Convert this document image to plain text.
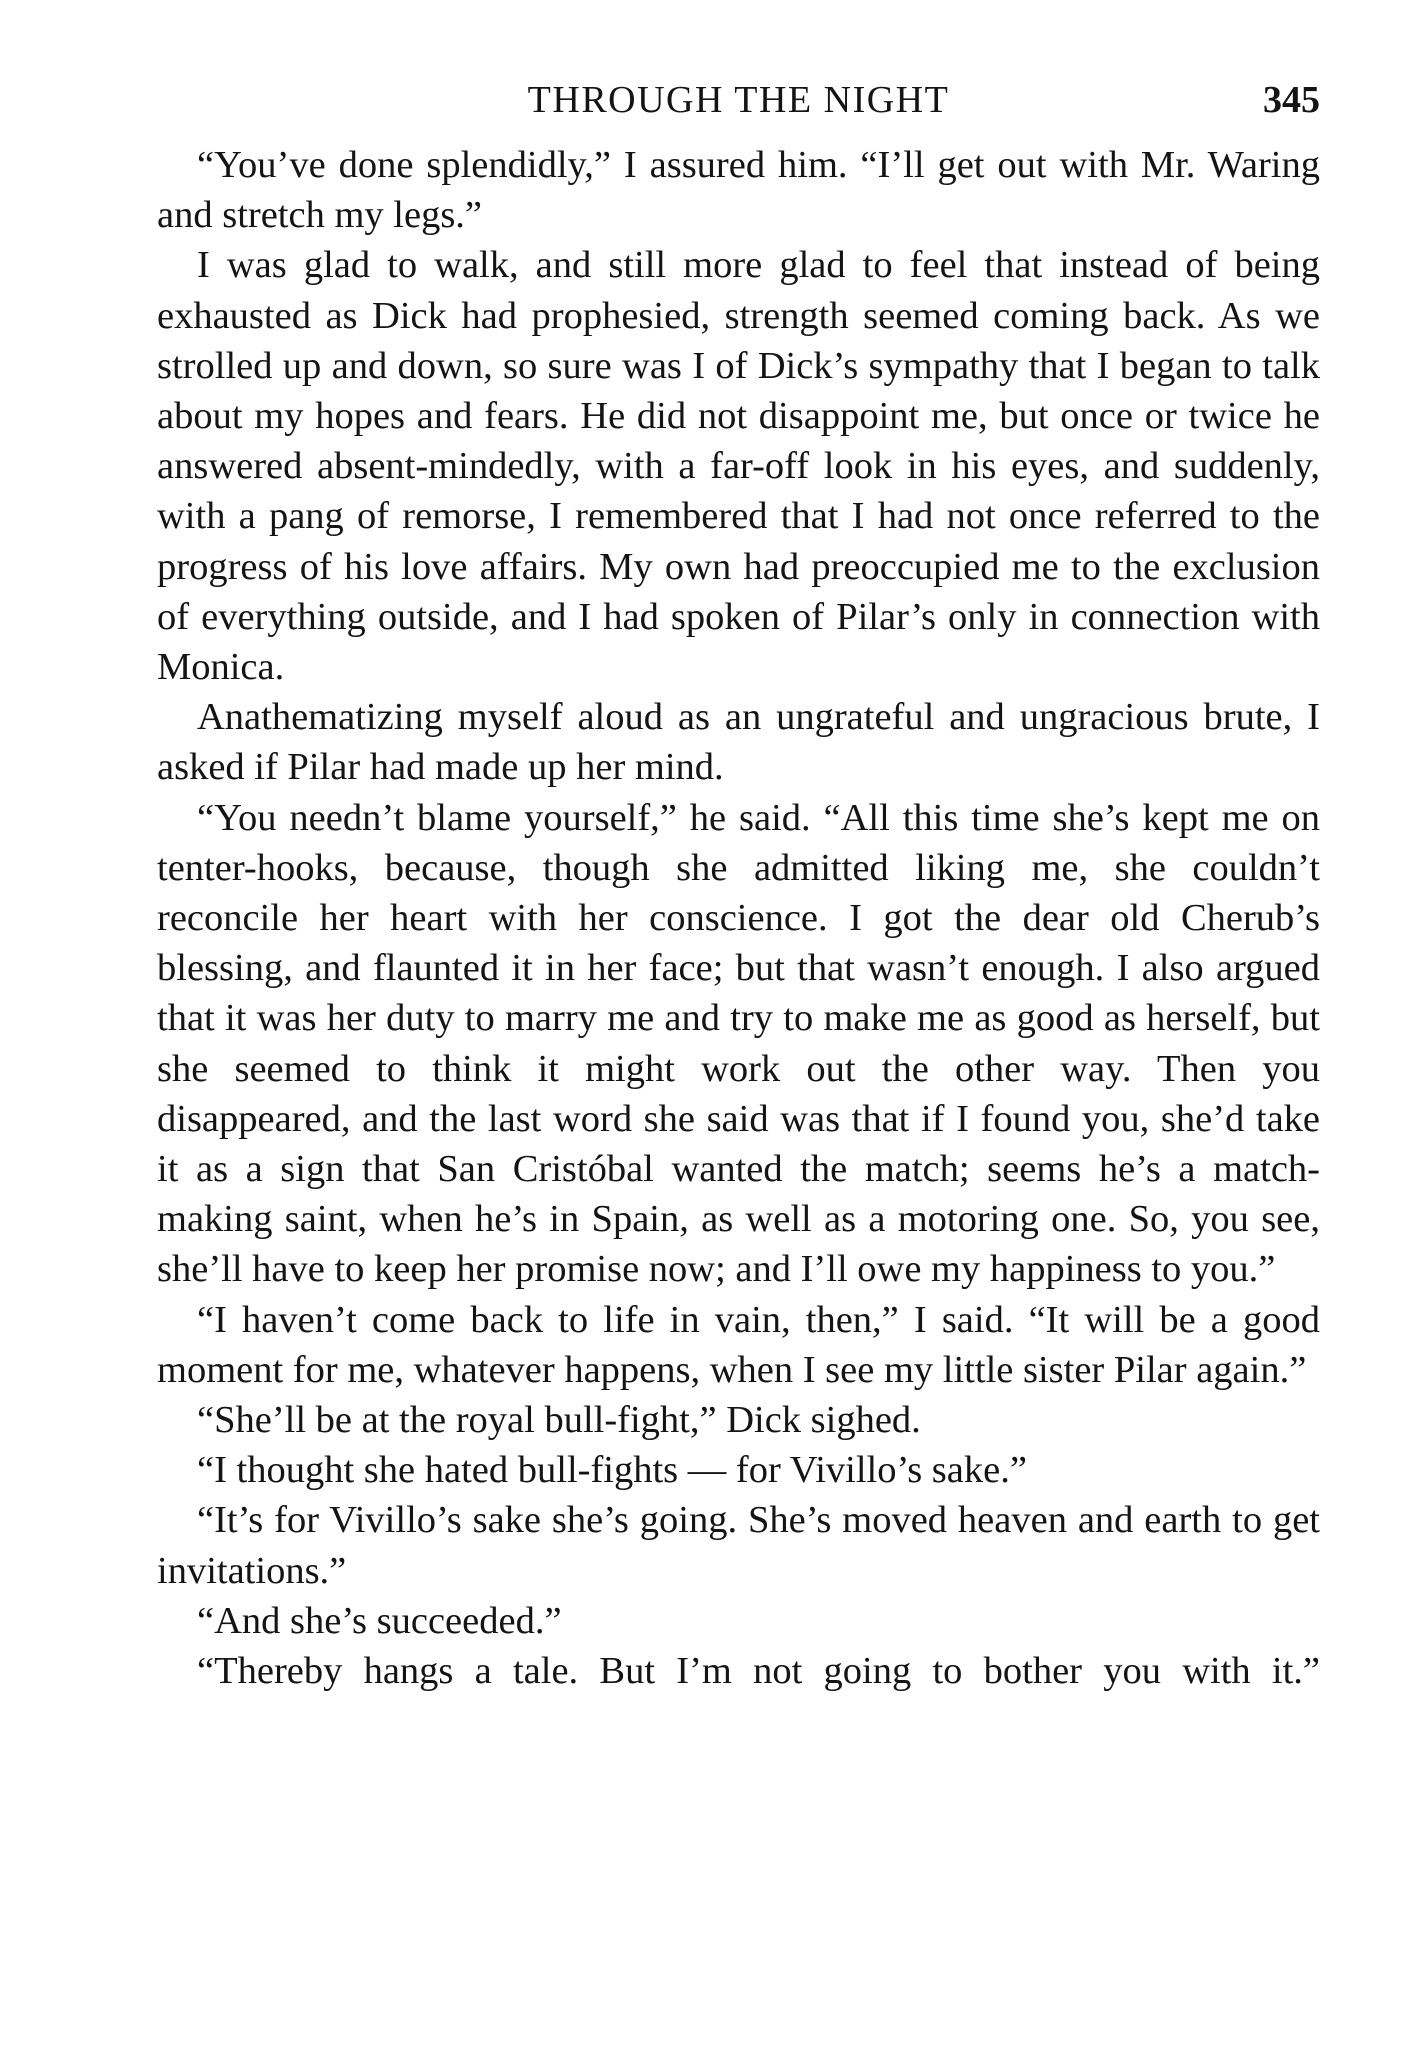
THROUGH THE NIGHT	345

“You’ve done splendidly,” I assured him. “I’ll get out with Mr. Waring and stretch my legs.”

I was glad to walk, and still more glad to feel that instead of being exhausted as Dick had prophesied, strength seemed coming back. As we strolled up and down, so sure was I of Dick’s sympathy that I began to talk about my hopes and fears. He did not disappoint me, but once or twice he answered absent-mindedly, with a far-off look in his eyes, and suddenly, with a pang of remorse, I remembered that I had not once referred to the progress of his love affairs. My own had preoccupied me to the exclusion of everything outside, and I had spoken of Pilar’s only in connection with Monica.

Anathematizing myself aloud as an ungrateful and ungracious brute, I asked if Pilar had made up her mind.

“You needn’t blame yourself,” he said. “All this time she’s kept me on tenter-hooks, because, though she admitted liking me, she couldn’t reconcile her heart with her conscience. I got the dear old Cherub’s blessing, and flaunted it in her face; but that wasn’t enough. I also argued that it was her duty to marry me and try to make me as good as herself, but she seemed to think it might work out the other way. Then you disappeared, and the last word she said was that if I found you, she’d take it as a sign that San Cristóbal wanted the match; seems he’s a match-making saint, when he’s in Spain, as well as a motoring one. So, you see, she’ll have to keep her promise now; and I’ll owe my happiness to you.”

“I haven’t come back to life in vain, then,” I said. “It will be a good moment for me, whatever happens, when I see my little sister Pilar again.”

“She’ll be at the royal bull-fight,” Dick sighed.

“I thought she hated bull-fights — for Vivillo’s sake.”

“It’s for Vivillo’s sake she’s going. She’s moved heaven and earth to get invitations.”

“And she’s succeeded.”

“Thereby hangs a tale. But I’m not going to bother you with it.”
